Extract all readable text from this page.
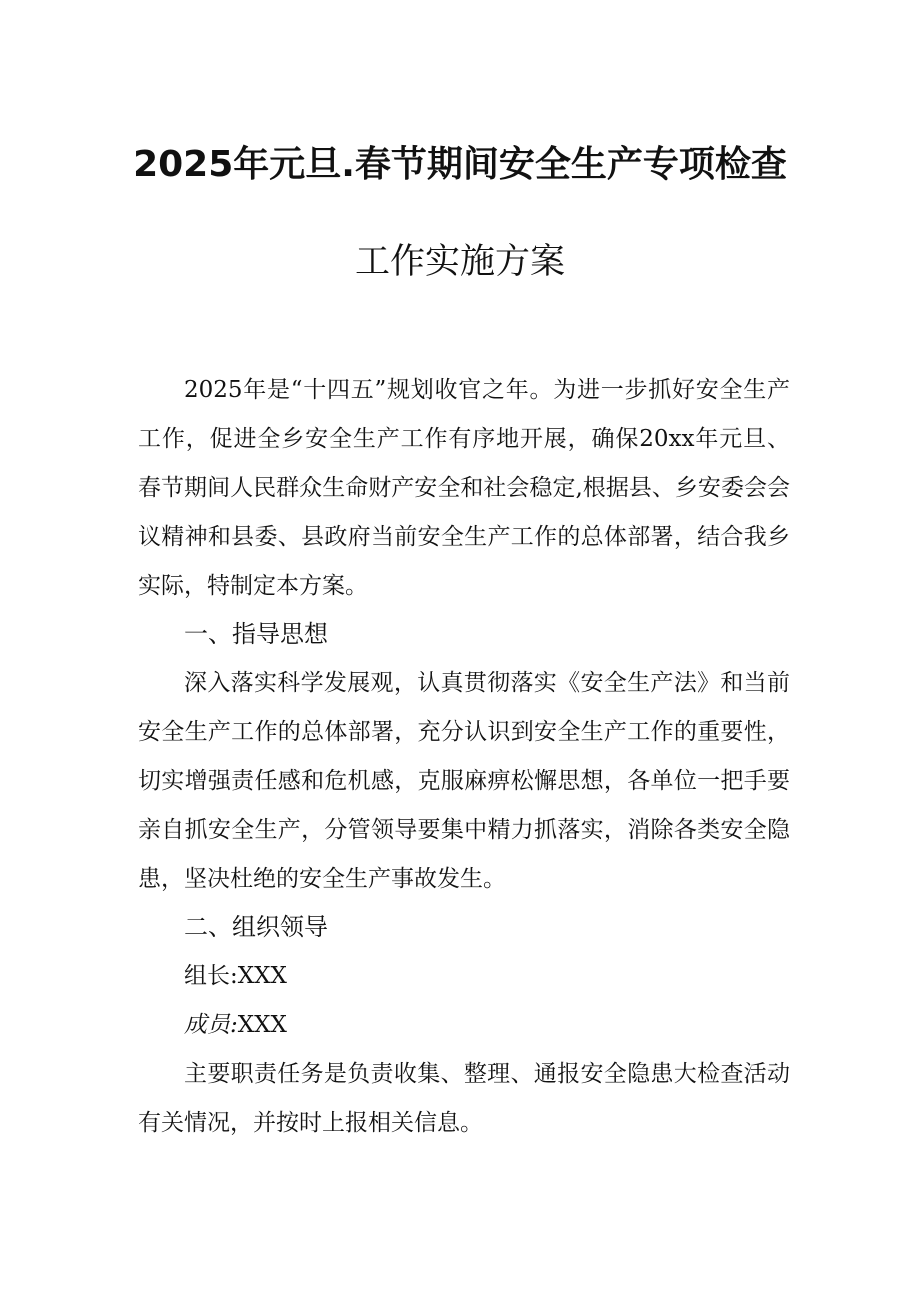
2025年元旦.春节期间安全生产专项检查
工作实施方案
2025年是“十四五”规划收官之年。为进一步抓好安全生产工作，促进全乡安全生产工作有序地开展，确保20xx年元旦、春节期间人民群众生命财产安全和社会稳定,根据县、乡安委会会议精神和县委、县政府当前安全生产工作的总体部署，结合我乡实际，特制定本方案。
一、指导思想
深入落实科学发展观，认真贯彻落实《安全生产法》和当前安全生产工作的总体部署，充分认识到安全生产工作的重要性，切实增强责任感和危机感，克服麻痹松懈思想，各单位一把手要亲自抓安全生产，分管领导要集中精力抓落实，消除各类安全隐患，坚决杜绝的安全生产事故发生。
二、组织领导
组长:XXX
成员:XXX
主要职责任务是负责收集、整理、通报安全隐患大检查活动有关情况，并按时上报相关信息。
